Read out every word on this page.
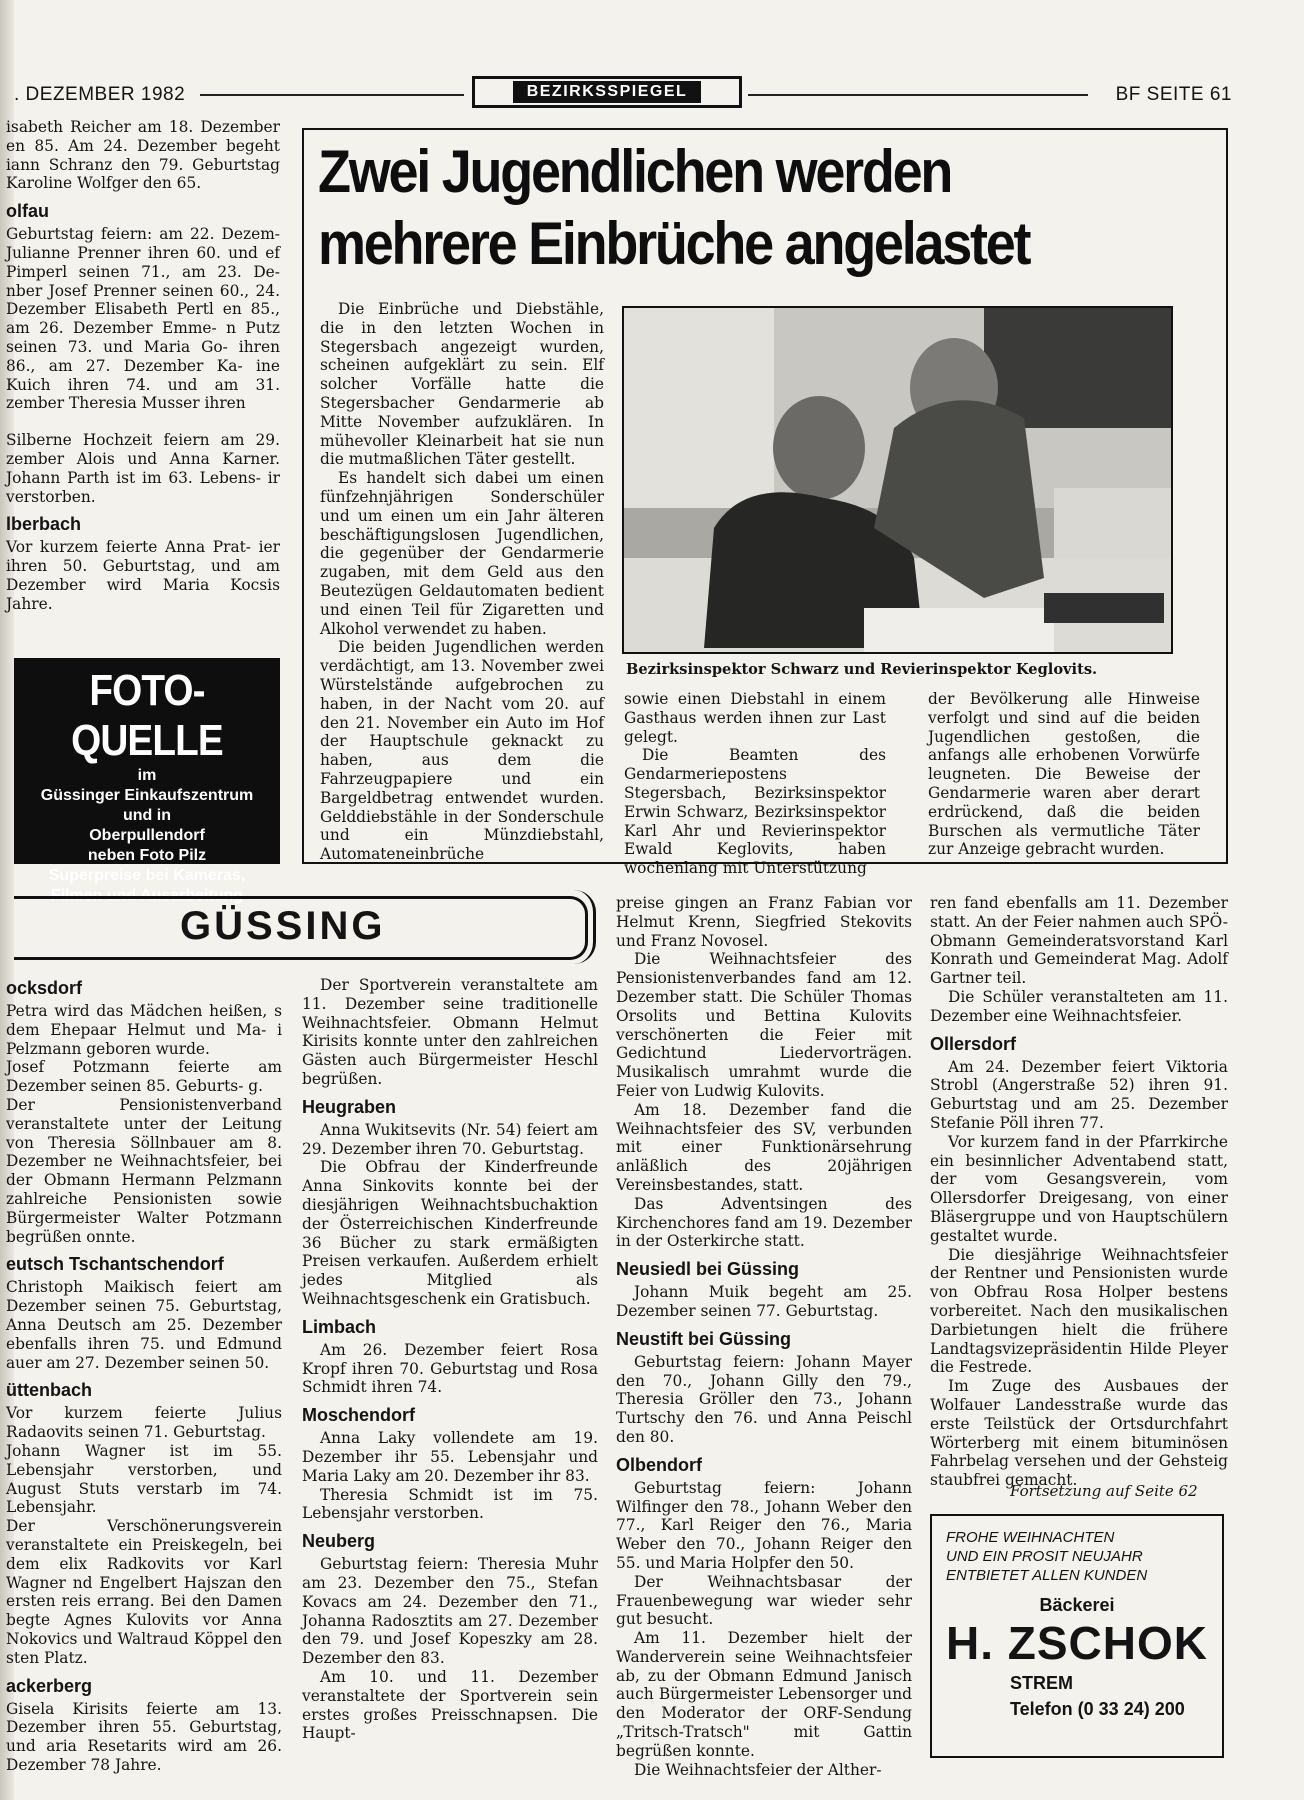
. DEZEMBER 1982	BEZIRKSSPIEGEL	BF SEITE 61

isabeth Reicher am 18. Dezember en 85. Am 24. Dezember begeht iann Schranz den 79. Geburtstag Karoline Wolfger den 65.

olfau

Geburtstag feiern: am 22. Dezem- Julianne Prenner ihren 60. und ef Pimperl seinen 71., am 23. De- nber Josef Prenner seinen 60., 24. Dezember Elisabeth Pertl en 85., am 26. Dezember Emme- n Putz seinen 73. und Maria Go- ihren 86., am 27. Dezember Ka- ine Kuich ihren 74. und am 31. zember Theresia Musser ihren

Silberne Hochzeit feiern am 29. zember Alois und Anna Karner. Johann Parth ist im 63. Lebens- ir verstorben.

lberbach

Vor kurzem feierte Anna Prat- ier ihren 50. Geburtstag, und am Dezember wird Maria Kocsis Jahre.

FOTO-QUELLE
im
Güssinger Einkaufszentrum
und in
Oberpullendorf
neben Foto Pilz
Superpreise bei Kameras,
Filmen und Ausarbeitung
Zwei Jugendlichen werden
mehrere Einbrüche angelastet

Die Einbrüche und Diebstähle, die in den letzten Wochen in Stegersbach angezeigt wurden, scheinen aufgeklärt zu sein. Elf solcher Vorfälle hatte die Stegersbacher Gendarmerie ab Mitte November aufzuklären. In mühevoller Kleinarbeit hat sie nun die mutmaßlichen Täter gestellt.

Es handelt sich dabei um einen fünfzehnjährigen Sonderschüler und um einen um ein Jahr älteren beschäftigungslosen Jugendlichen, die gegenüber der Gendarmerie zugaben, mit dem Geld aus den Beutezügen Geldautomaten bedient und einen Teil für Zigaretten und Alkohol verwendet zu haben.

Die beiden Jugendlichen werden verdächtigt, am 13. November zwei Würstelstände aufgebrochen zu haben, in der Nacht vom 20. auf den 21. November ein Auto im Hof der Hauptschule geknackt zu haben, aus dem die Fahrzeugpapiere und ein Bargeldbetrag entwendet wurden. Gelddiebstähle in der Sonderschule und ein Münzdiebstahl, Automateneinbrüche

Bezirksinspektor Schwarz und Revierinspektor Keglovits.

sowie einen Diebstahl in einem Gasthaus werden ihnen zur Last gelegt.

Die Beamten des Gendarmeriepostens Stegersbach, Bezirksinspektor Erwin Schwarz, Bezirksinspektor Karl Ahr und Revierinspektor Ewald Keglovits, haben wochenlang mit Unterstützung

der Bevölkerung alle Hinweise verfolgt und sind auf die beiden Jugendlichen gestoßen, die anfangs alle erhobenen Vorwürfe leugneten. Die Beweise der Gendarmerie waren aber derart erdrückend, daß die beiden Burschen als vermutliche Täter zur Anzeige gebracht wurden.

GÜSSING
ocksdorf

Petra wird das Mädchen heißen, s dem Ehepaar Helmut und Ma- i Pelzmann geboren wurde.

Josef Potzmann feierte am Dezember seinen 85. Geburts- g.

Der Pensionistenverband veranstaltete unter der Leitung von Theresia Söllnbauer am 8. Dezember ne Weihnachtsfeier, bei der Obmann Hermann Pelzmann zahlreiche Pensionisten sowie Bürgermeister Walter Potzmann begrüßen onnte.

eutsch Tschantschendorf

Christoph Maikisch feiert am Dezember seinen 75. Geburtstag, Anna Deutsch am 25. Dezember ebenfalls ihren 75. und Edmund auer am 27. Dezember seinen 50.

üttenbach

Vor kurzem feierte Julius Radaovits seinen 71. Geburtstag.

Johann Wagner ist im 55. Lebensjahr verstorben, und August Stuts verstarb im 74. Lebensjahr.

Der Verschönerungsverein veranstaltete ein Preiskegeln, bei dem elix Radkovits vor Karl Wagner nd Engelbert Hajszan den ersten reis errang. Bei den Damen begte Agnes Kulovits vor Anna Nokovics und Waltraud Köppel den sten Platz.

ackerberg

Gisela Kirisits feierte am 13. Dezember ihren 55. Geburtstag, und aria Resetarits wird am 26. Dezember 78 Jahre.

Der Sportverein veranstaltete am 11. Dezember seine traditionelle Weihnachtsfeier. Obmann Helmut Kirisits konnte unter den zahlreichen Gästen auch Bürgermeister Heschl begrüßen.

Heugraben

Anna Wukitsevits (Nr. 54) feiert am 29. Dezember ihren 70. Geburtstag.

Die Obfrau der Kinderfreunde Anna Sinkovits konnte bei der diesjährigen Weihnachtsbuchaktion der Österreichischen Kinderfreunde 36 Bücher zu stark ermäßigten Preisen verkaufen. Außerdem erhielt jedes Mitglied als Weihnachtsgeschenk ein Gratisbuch.

Limbach

Am 26. Dezember feiert Rosa Kropf ihren 70. Geburtstag und Rosa Schmidt ihren 74.

Moschendorf

Anna Laky vollendete am 19. Dezember ihr 55. Lebensjahr und Maria Laky am 20. Dezember ihr 83.

Theresia Schmidt ist im 75. Lebensjahr verstorben.

Neuberg

Geburtstag feiern: Theresia Muhr am 23. Dezember den 75., Stefan Kovacs am 24. Dezember den 71., Johanna Radosztits am 27. Dezember den 79. und Josef Kopeszky am 28. Dezember den 83.

Am 10. und 11. Dezember veranstaltete der Sportverein sein erstes großes Preisschnapsen. Die Haupt-

preise gingen an Franz Fabian vor Helmut Krenn, Siegfried Stekovits und Franz Novosel.

Die Weihnachtsfeier des Pensionistenverbandes fand am 12. Dezember statt. Die Schüler Thomas Orsolits und Bettina Kulovits verschönerten die Feier mit Gedichtund Liedervorträgen. Musikalisch umrahmt wurde die Feier von Ludwig Kulovits.

Am 18. Dezember fand die Weihnachtsfeier des SV, verbunden mit einer Funktionärsehrung anläßlich des 20jährigen Vereinsbestandes, statt.

Das Adventsingen des Kirchenchores fand am 19. Dezember in der Osterkirche statt.

Neusiedl bei Güssing

Johann Muik begeht am 25. Dezember seinen 77. Geburtstag.

Neustift bei Güssing

Geburtstag feiern: Johann Mayer den 70., Johann Gilly den 79., Theresia Gröller den 73., Johann Turtschy den 76. und Anna Peischl den 80.

Olbendorf

Geburtstag feiern: Johann Wilfinger den 78., Johann Weber den 77., Karl Reiger den 76., Maria Weber den 70., Johann Reiger den 55. und Maria Holpfer den 50.

Der Weihnachtsbasar der Frauenbewegung war wieder sehr gut besucht.

Am 11. Dezember hielt der Wanderverein seine Weihnachtsfeier ab, zu der Obmann Edmund Janisch auch Bürgermeister Lebensorger und den Moderator der ORF-Sendung „Tritsch-Tratsch" mit Gattin begrüßen konnte.

Die Weihnachtsfeier der Alther-

ren fand ebenfalls am 11. Dezember statt. An der Feier nahmen auch SPÖ-Obmann Gemeinderatsvorstand Karl Konrath und Gemeinderat Mag. Adolf Gartner teil.

Die Schüler veranstalteten am 11. Dezember eine Weihnachtsfeier.

Ollersdorf

Am 24. Dezember feiert Viktoria Strobl (Angerstraße 52) ihren 91. Geburtstag und am 25. Dezember Stefanie Pöll ihren 77.

Vor kurzem fand in der Pfarrkirche ein besinnlicher Adventabend statt, der vom Gesangsverein, vom Ollersdorfer Dreigesang, von einer Bläsergruppe und von Hauptschülern gestaltet wurde.

Die diesjährige Weihnachtsfeier der Rentner und Pensionisten wurde von Obfrau Rosa Holper bestens vorbereitet. Nach den musikalischen Darbietungen hielt die frühere Landtagsvizepräsidentin Hilde Pleyer die Festrede.

Im Zuge des Ausbaues der Wolfauer Landesstraße wurde das erste Teilstück der Ortsdurchfahrt Wörterberg mit einem bituminösen Fahrbelag versehen und der Gehsteig staubfrei gemacht.

Fortsetzung auf Seite 62
FROHE WEIHNACHTEN
UND EIN PROSIT NEUJAHR
ENTBIETET ALLEN KUNDEN
Bäckerei
H. ZSCHOK
STREM
Telefon (0 33 24) 200
